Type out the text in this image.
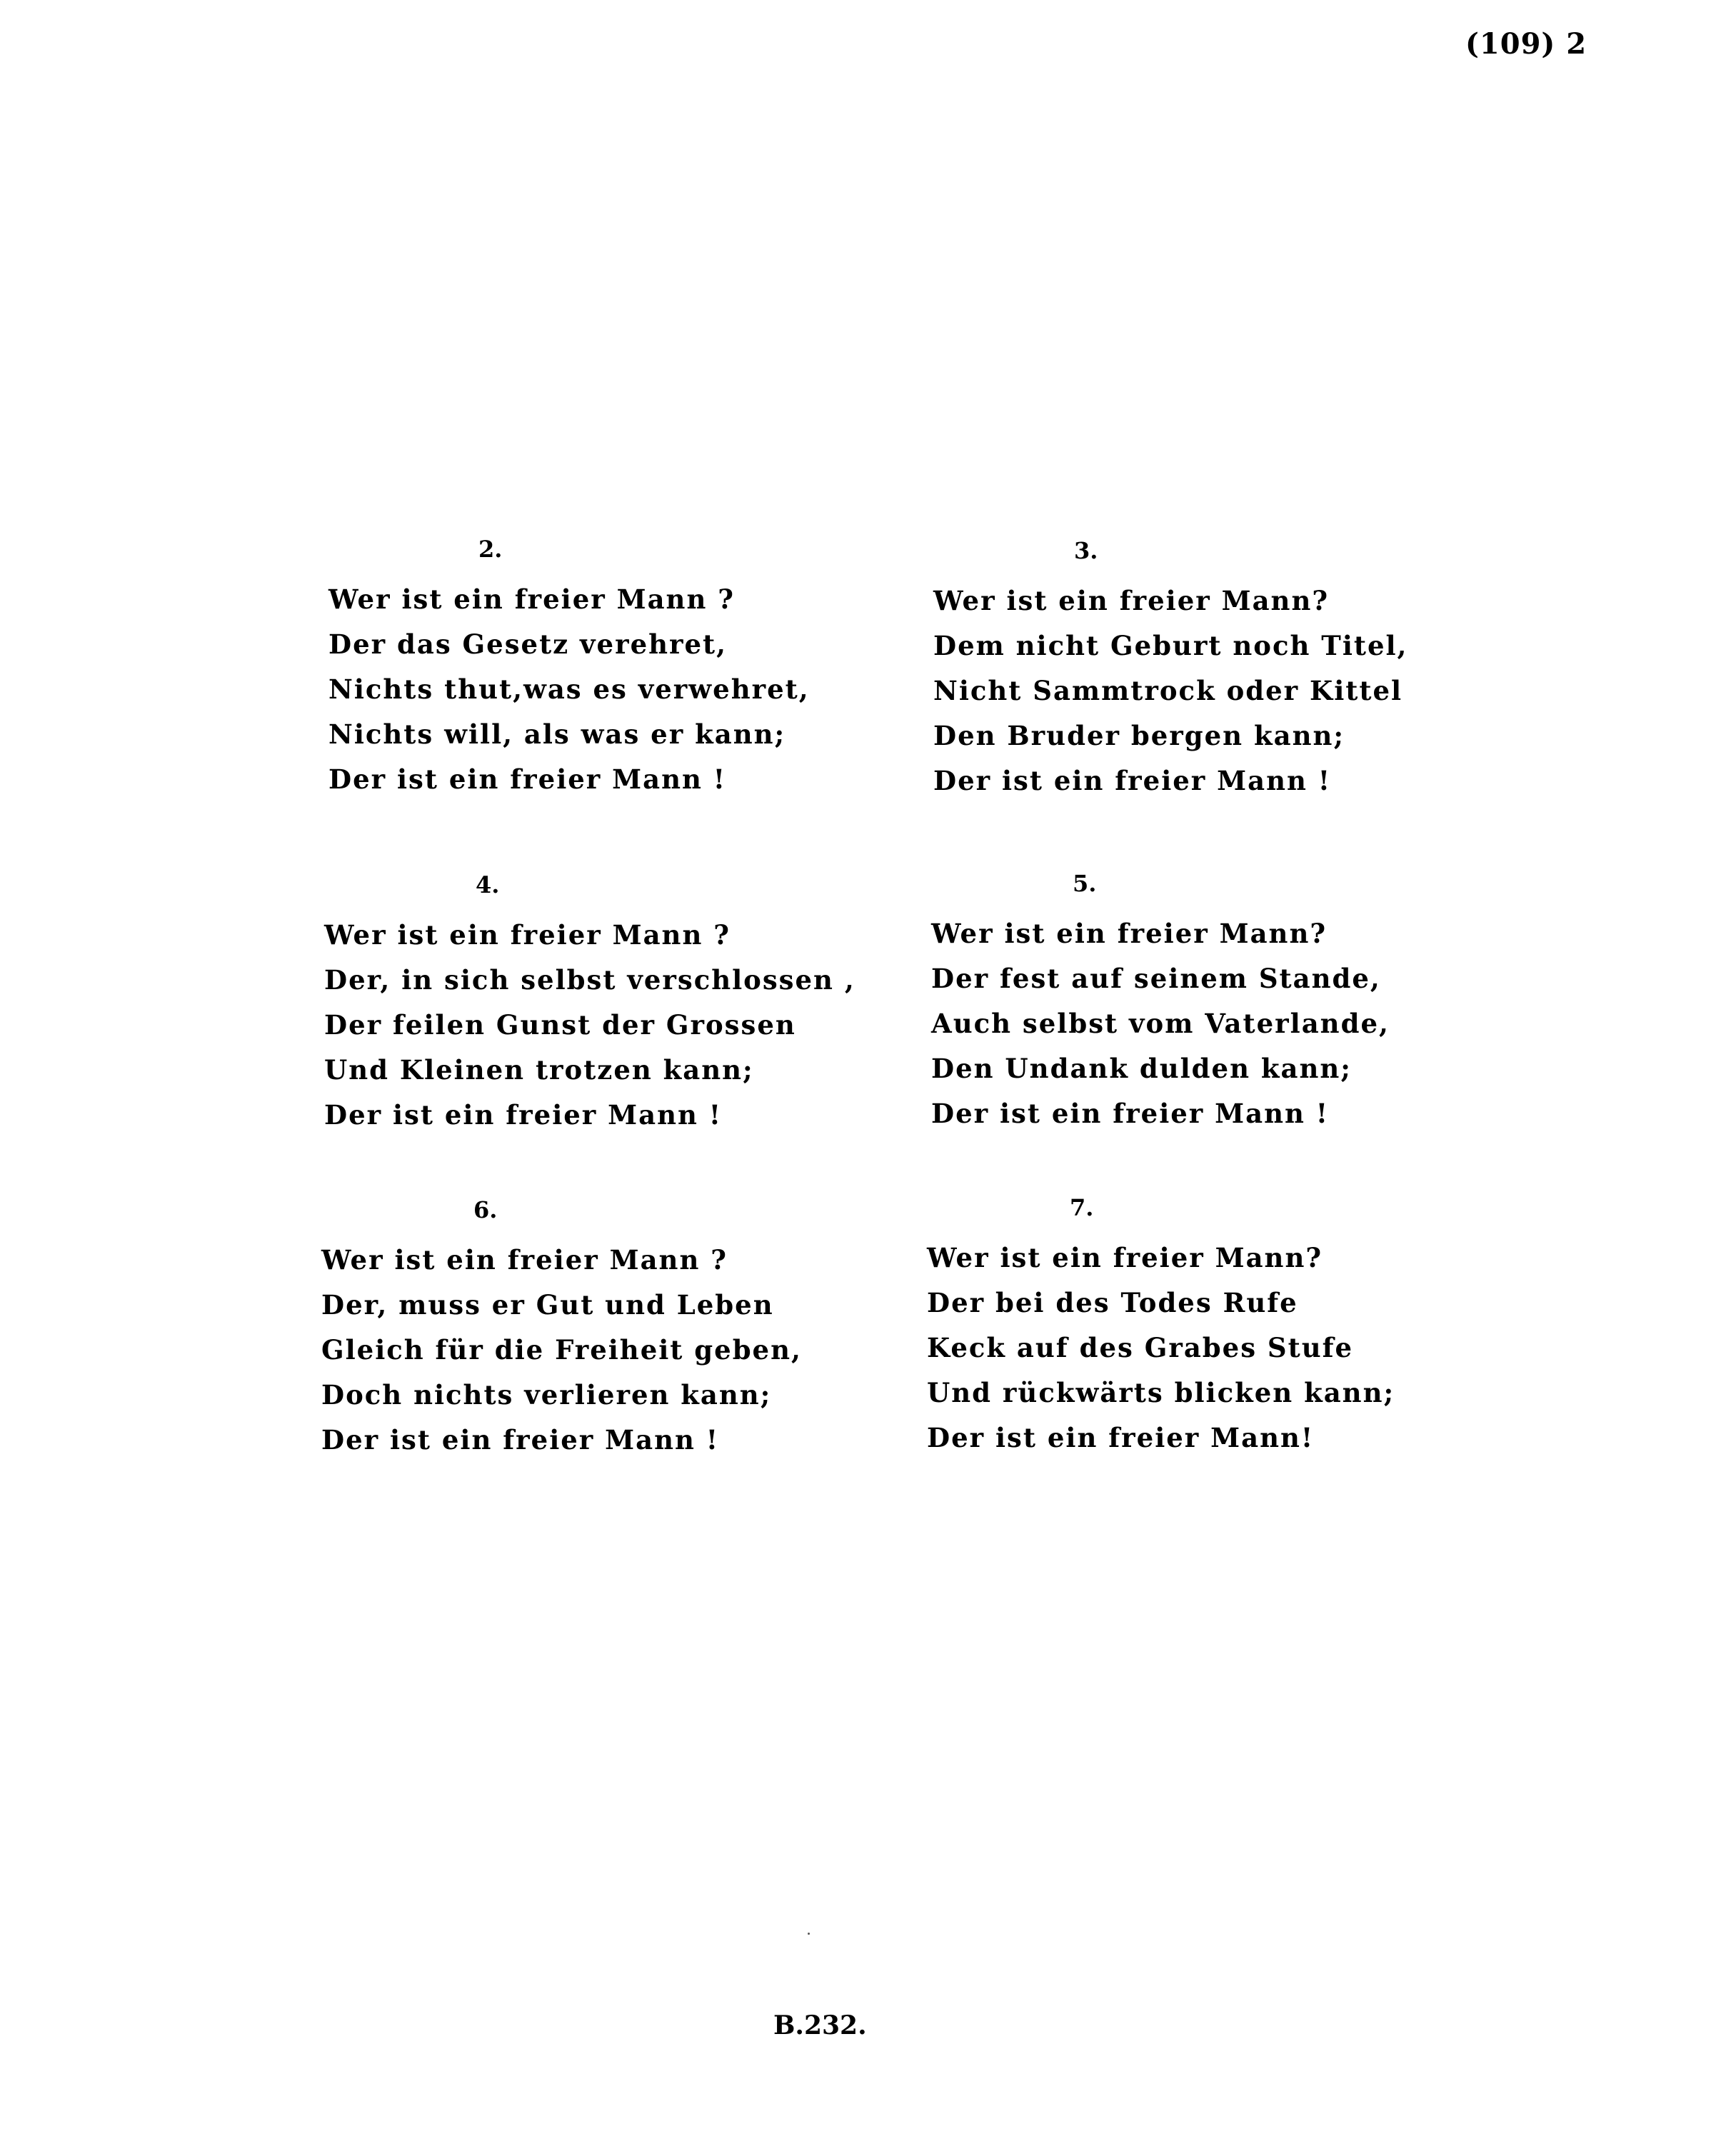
(109) 2
2.
Wer ist ein freier Mann ?
Der das Gesetz verehret,
Nichts thut,was es verwehret,
Nichts will, als was er kann;
Der ist ein freier Mann !
3.
Wer ist ein freier Mann?
Dem nicht Geburt noch Titel,
Nicht Sammtrock oder Kittel
Den Bruder bergen kann;
Der ist ein freier Mann !
4.
Wer ist ein freier Mann ?
Der, in sich selbst verschlossen ,
Der feilen Gunst der Grossen
Und Kleinen trotzen kann;
Der ist ein freier Mann !
5.
Wer ist ein freier Mann?
Der fest auf seinem Stande,
Auch selbst vom Vaterlande,
Den Undank dulden kann;
Der ist ein freier Mann !
6.
Wer ist ein freier Mann ?
Der, muss er Gut und Leben
Gleich für die Freiheit geben,
Doch nichts verlieren kann;
Der ist ein freier Mann !
7.
Wer ist ein freier Mann?
Der bei des Todes Rufe
Keck auf des Grabes Stufe
Und rückwärts blicken kann;
Der ist ein freier Mann!
B.232.
